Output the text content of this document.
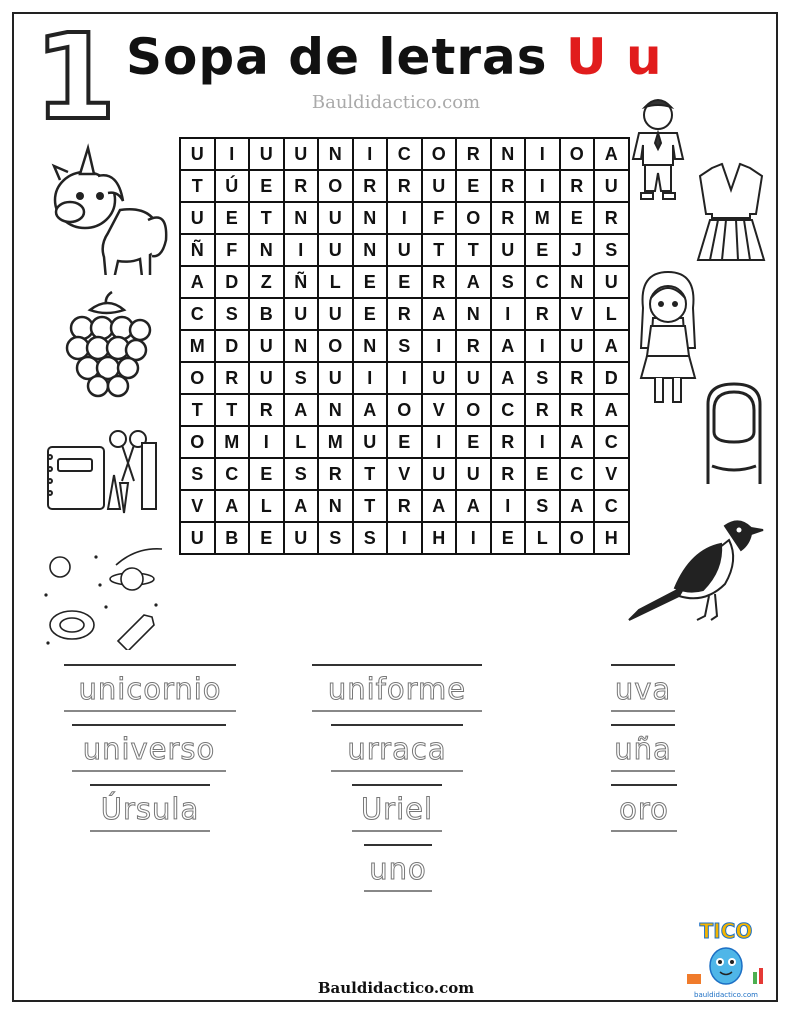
1 Sopa de letras U u
Bauldidactico.com
U	I	U	U	N	I	C	O	R	N	I	O	A
T	Ú	E	R	O	R	R	U	E	R	I	R	U
U	E	T	N	U	N	I	F	O	R	M	E	R
Ñ	F	N	I	U	N	U	T	T	U	E	J	S
A	D	Z	Ñ	L	E	E	R	A	S	C	N	U
C	S	B	U	U	E	R	A	N	I	R	V	L
M	D	U	N	O	N	S	I	R	A	I	U	A
O	R	U	S	U	I	I	U	U	A	S	R	D
T	T	R	A	N	A	O	V	O	C	R	R	A
O	M	I	L	M	U	E	I	E	R	I	A	C
S	C	E	S	R	T	V	U	U	R	E	C	V
V	A	L	A	N	T	R	A	A	I	S	A	C
U	B	E	U	S	S	I	H	I	E	L	O	H
unicornio	uniforme	uva
universo	urraca	uña
Úrsula	Uriel	oro
uno
TICO
bauldidactico.com
Bauldidactico.com
